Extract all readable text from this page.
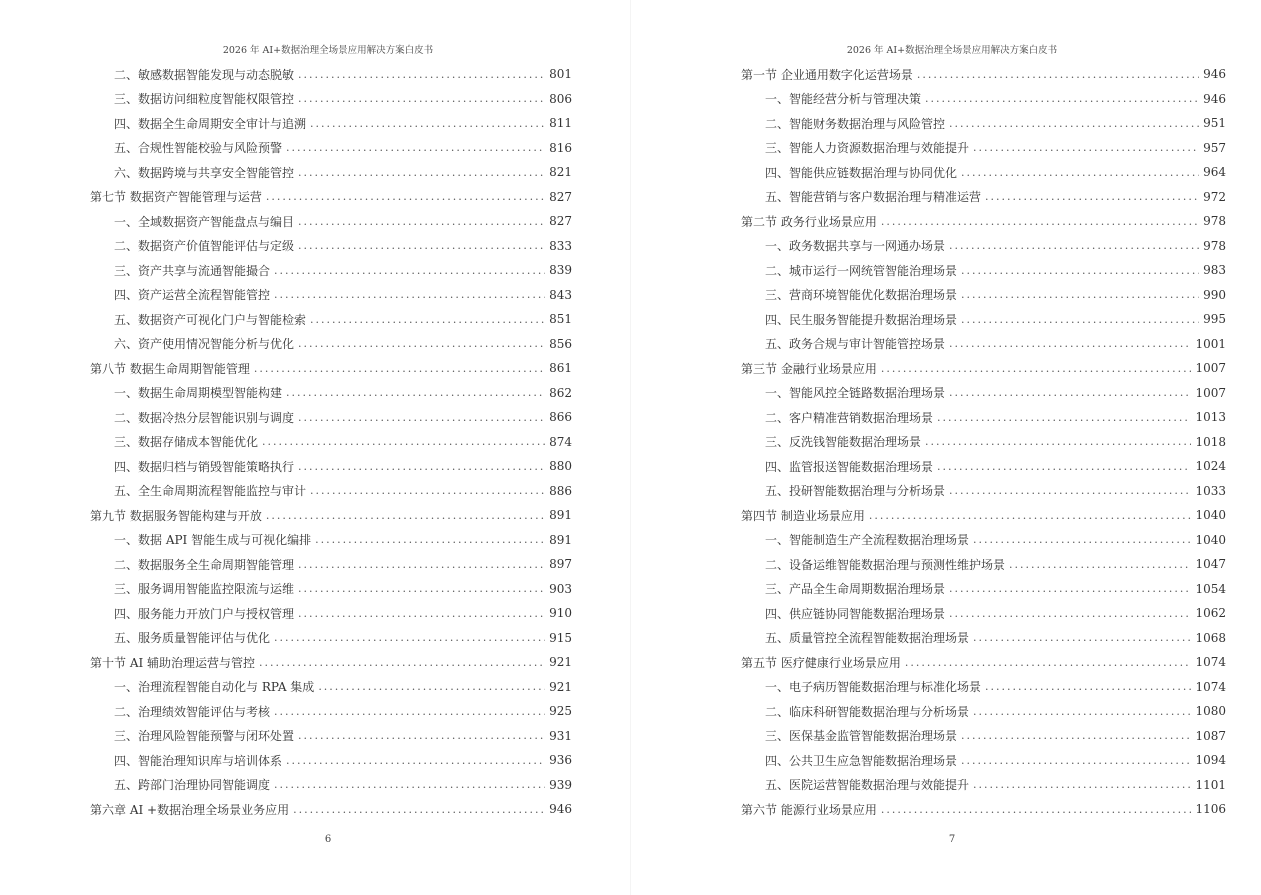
2026 年 AI+数据治理全场景应用解决方案白皮书
二、敏感数据智能发现与动态脱敏 .....	801
三、数据访问细粒度智能权限管控 .....	806
四、数据全生命周期安全审计与追溯 .....	811
五、合规性智能校验与风险预警 .....	816
六、数据跨境与共享安全智能管控 .....	821
第七节 数据资产智能管理与运营 .....	827
一、全域数据资产智能盘点与编目 .....	827
二、数据资产价值智能评估与定级 .....	833
三、资产共享与流通智能撮合 .....	839
四、资产运营全流程智能管控 .....	843
五、数据资产可视化门户与智能检索 .....	851
六、资产使用情况智能分析与优化 .....	856
第八节 数据生命周期智能管理 .....	861
一、数据生命周期模型智能构建 .....	862
二、数据冷热分层智能识别与调度 .....	866
三、数据存储成本智能优化 .....	874
四、数据归档与销毁智能策略执行 .....	880
五、全生命周期流程智能监控与审计 .....	886
第九节 数据服务智能构建与开放 .....	891
一、数据 API 智能生成与可视化编排 .....	891
二、数据服务全生命周期智能管理 .....	897
三、服务调用智能监控限流与运维 .....	903
四、服务能力开放门户与授权管理 .....	910
五、服务质量智能评估与优化 .....	915
第十节 AI 辅助治理运营与管控 .....	921
一、治理流程智能自动化与 RPA 集成 .....	921
二、治理绩效智能评估与考核 .....	925
三、治理风险智能预警与闭环处置 .....	931
四、智能治理知识库与培训体系 .....	936
五、跨部门治理协同智能调度 .....	939
第六章 AI +数据治理全场景业务应用 .....	946
6
2026 年 AI+数据治理全场景应用解决方案白皮书
第一节 企业通用数字化运营场景 .....	946
一、智能经营分析与管理决策 .....	946
二、智能财务数据治理与风险管控 .....	951
三、智能人力资源数据治理与效能提升 .....	957
四、智能供应链数据治理与协同优化 .....	964
五、智能营销与客户数据治理与精准运营 .....	972
第二节 政务行业场景应用 .....	978
一、政务数据共享与一网通办场景 .....	978
二、城市运行一网统管智能治理场景 .....	983
三、营商环境智能优化数据治理场景 .....	990
四、民生服务智能提升数据治理场景 .....	995
五、政务合规与审计智能管控场景 .....	1001
第三节 金融行业场景应用 .....	1007
一、智能风控全链路数据治理场景 .....	1007
二、客户精准营销数据治理场景 .....	1013
三、反洗钱智能数据治理场景 .....	1018
四、监管报送智能数据治理场景 .....	1024
五、投研智能数据治理与分析场景 .....	1033
第四节 制造业场景应用 .....	1040
一、智能制造生产全流程数据治理场景 .....	1040
二、设备运维智能数据治理与预测性维护场景 .....	1047
三、产品全生命周期数据治理场景 .....	1054
四、供应链协同智能数据治理场景 .....	1062
五、质量管控全流程智能数据治理场景 .....	1068
第五节 医疗健康行业场景应用 .....	1074
一、电子病历智能数据治理与标准化场景 .....	1074
二、临床科研智能数据治理与分析场景 .....	1080
三、医保基金监管智能数据治理场景 .....	1087
四、公共卫生应急智能数据治理场景 .....	1094
五、医院运营智能数据治理与效能提升 .....	1101
第六节 能源行业场景应用 .....	1106
7
